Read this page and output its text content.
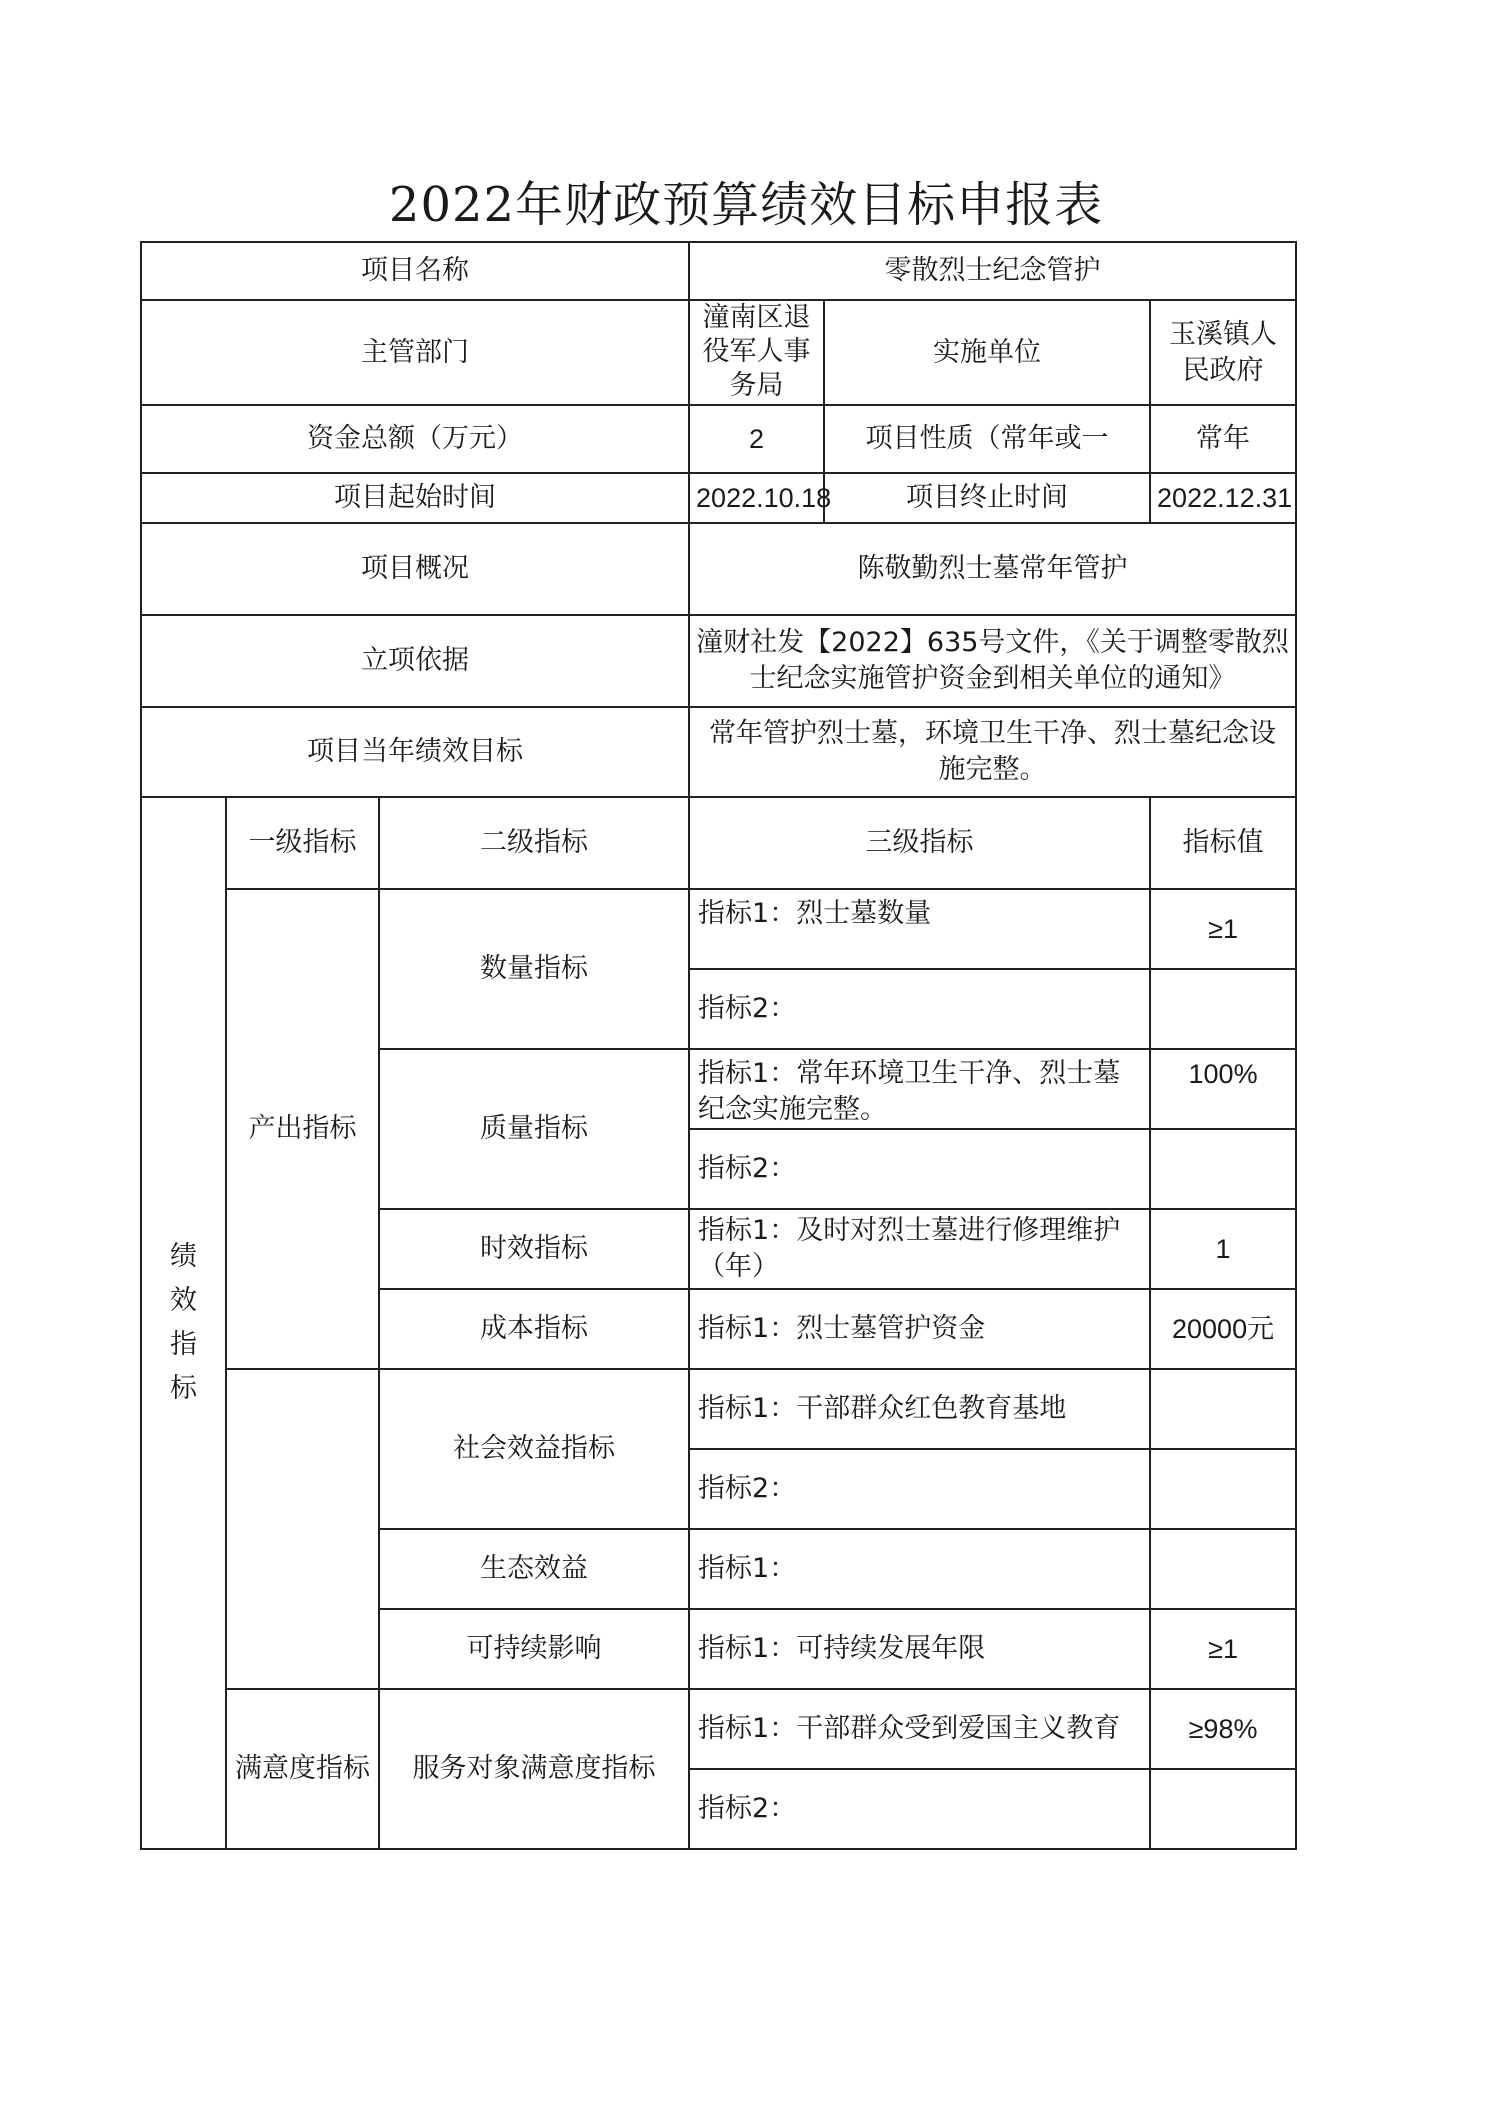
2022年财政预算绩效目标申报表
项目名称			零散烈士纪念管护		
主管部门			潼南区退役军人事务局	实施单位	玉溪镇人民政府
资金总额（万元）			2	项目性质（常年或一	常年
项目起始时间			2022.10.18	项目终止时间	2022.12.31
项目概况			陈敬勤烈士墓常年管护		
立项依据			潼财社发【2022】635号文件，《关于调整零散烈士纪念实施管护资金到相关单位的通知》		
项目当年绩效目标			常年管护烈士墓，环境卫生干净、烈士墓纪念设施完整。		
绩效指标	一级指标	二级指标	三级指标		指标值
	产出指标	数量指标	指标1：烈士墓数量		≥1
			指标2：		
		质量指标	指标1：常年环境卫生干净、烈士墓纪念实施完整。		100%
			指标2：		
		时效指标	指标1：及时对烈士墓进行修理维护（年）		1
		成本指标	指标1：烈士墓管护资金		20000元
		社会效益指标	指标1：干部群众红色教育基地		
			指标2：		
		生态效益	指标1：		
		可持续影响	指标1：可持续发展年限		≥1
	满意度指标	服务对象满意度指标	指标1：干部群众受到爱国主义教育		≥98%
			指标2：		
